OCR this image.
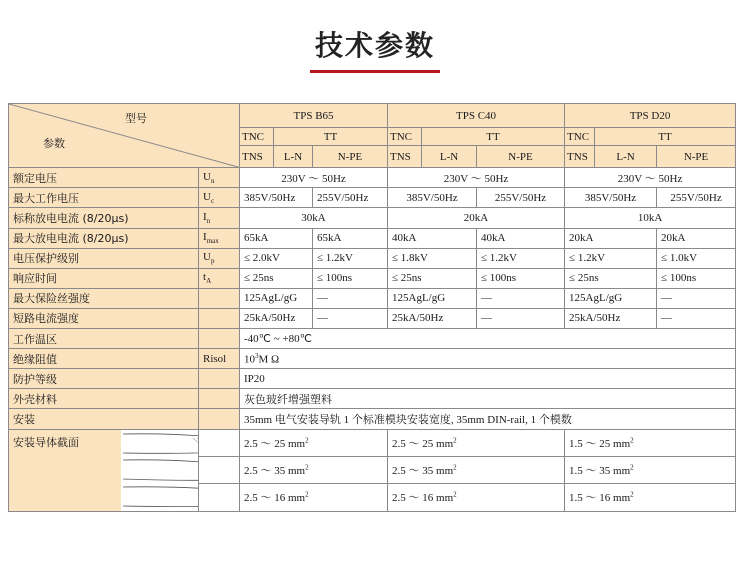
技术参数
型号
参数		TPS B65			TPS C40			TPS D20		
		TNC	TT		TNC	TT		TNC	TT	
		TNS	L-N	N-PE	TNS	L-N	N-PE	TNS	L-N	N-PE
额定电压	$U_n$	230V ～ 50Hz			230V ～ 50Hz			230V ～ 50Hz		
最大工作电压	$U_c$	385V/50Hz		255V/50Hz	385V/50Hz		255V/50Hz	385V/50Hz		255V/50Hz
标称放电电流 (8/20μs)	$I_n$	30kA			20kA			10kA		
最大放电电流 (8/20μs)	$I_{max}$	65kA		65kA	40kA		40kA	20kA		20kA
电压保护级别	$U_p$	≤ 2.0kV		≤ 1.2kV	≤ 1.8kV		≤ 1.2kV	≤ 1.2kV		≤ 1.0kV
响应时间	$t_A$	≤ 25ns		≤ 100ns	≤ 25ns		≤ 100ns	≤ 25ns		≤ 100ns
最大保险丝强度		125AgL/gG		—	125AgL/gG		—	125AgL/gG		—
短路电流强度		25kA/50Hz		—	25kA/50Hz		—	25kA/50Hz		—
工作温区		-40℃ ~ +80℃								
绝缘阻值	Risol	$10^3M$ Ω								
防护等级		IP20								
外壳材料		灰色玻纤增强塑料								
安装		35mm 电气安装导轨 1 个标准模块安装宽度, 35mm DIN-rail, 1 个模数								

安装导体截面		2.5 ～ 25 $mm^2$			2.5 ～ 25 $mm^2$			1.5 ～ 25 $mm^2$
		2.5 ～ 35 $mm^2$			2.5 ～ 35 $mm^2$			1.5 ～ 35 $mm^2$
		2.5 ～ 16 $mm^2$			2.5 ～ 16 $mm^2$			1.5 ～ 16 $mm^2$
